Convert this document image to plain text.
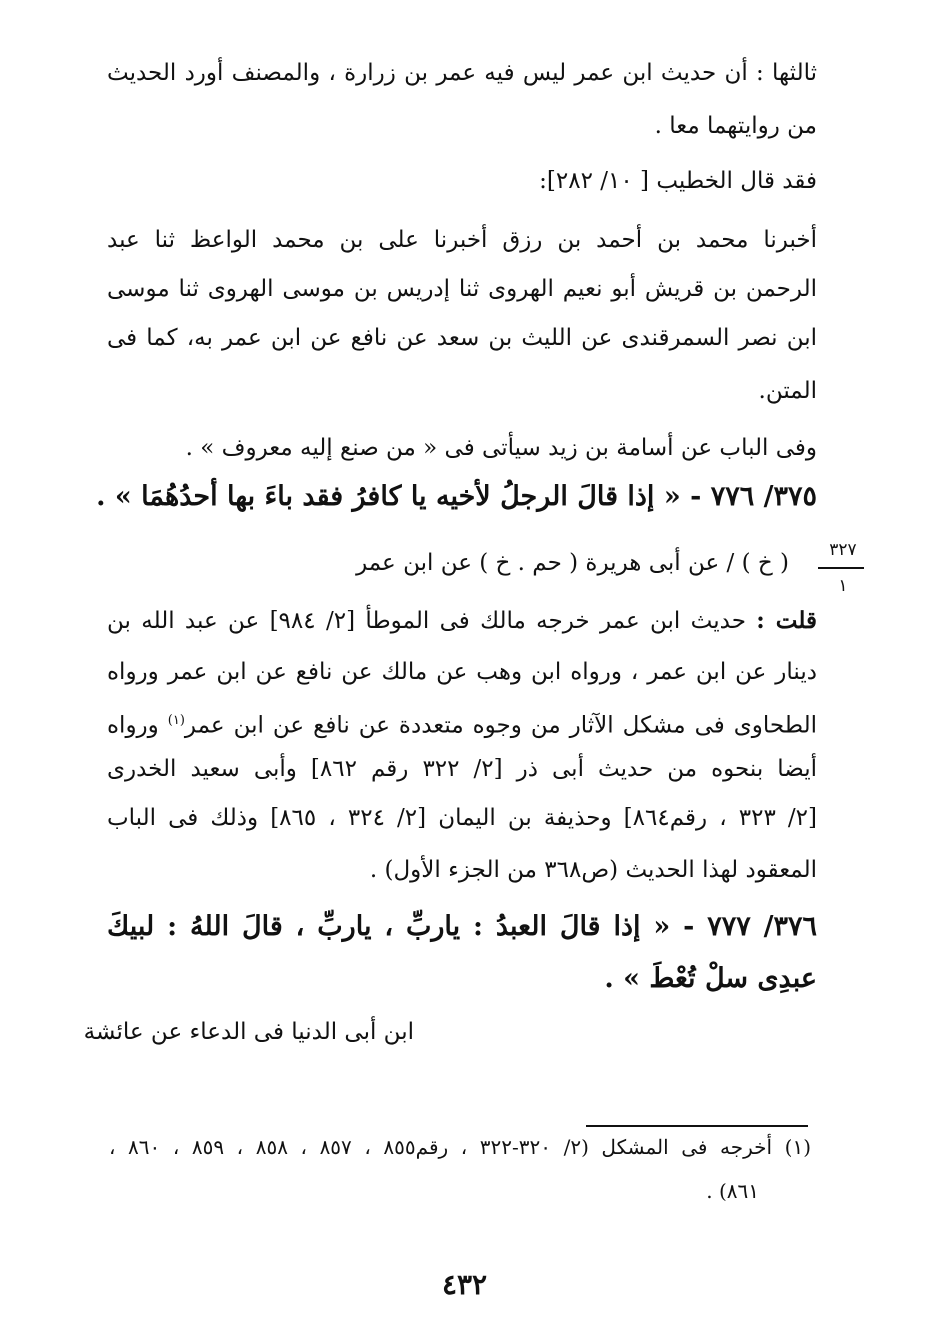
ثالثها : أن حديث ابن عمر ليس فيه عمر بن زرارة ، والمصنف أورد الحديث
من روايتهما معا .
فقد قال الخطيب [ ١٠/ ٢٨٢]:
أخبرنا محمد بن أحمد بن رزق أخبرنا على بن محمد الواعظ ثنا عبد
الرحمن بن قريش أبو نعيم الهروى ثنا إدريس بن موسى الهروى ثنا موسى
ابن نصر السمرقندى عن الليث بن سعد عن نافع عن ابن عمر به، كما فى
المتن.
وفى الباب عن أسامة بن زيد سيأتى فى « من صنع إليه معروف » .
٣٧٥/ ٧٧٦ - « إذا قالَ الرجلُ لأخيه يا كافرُ فقد باءَ بها أحدُهُمَا » .
٣٢٧
١
( خ ) / عن أبى هريرة ( حم . خ ) عن ابن عمر
قلت : حديث ابن عمر خرجه مالك فى الموطأ [٢/ ٩٨٤] عن عبد الله بن
دينار عن ابن عمر ، ورواه ابن وهب عن مالك عن نافع عن ابن عمر ورواه
الطحاوى فى مشكل الآثار من وجوه متعددة عن نافع عن ابن عمر$^{(١)}$ ورواه
أيضا بنحوه من حديث أبى ذر [٢/ ٣٢٢ رقم ٨٦٢] وأبى سعيد الخدرى
[٢/ ٣٢٣ ، رقم٨٦٤] وحذيفة بن اليمان [٢/ ٣٢٤ ، ٨٦٥] وذلك فى الباب
المعقود لهذا الحديث (ص٣٦٨ من الجزء الأول) .
٣٧٦/ ٧٧٧ - « إذا قالَ العبدُ : ياربِّ ، ياربِّ ، قالَ اللهُ : لبيكَ
عبدِى سلْ تُعْطَ » .
ابن أبى الدنيا فى الدعاء عن عائشة
(١) أخرجه فى المشكل (٢/ ٣٢٠-٣٢٢ ، رقم٨٥٥ ، ٨٥٧ ، ٨٥٨ ، ٨٥٩ ، ٨٦٠ ،
٨٦١) .
٤٣٢
